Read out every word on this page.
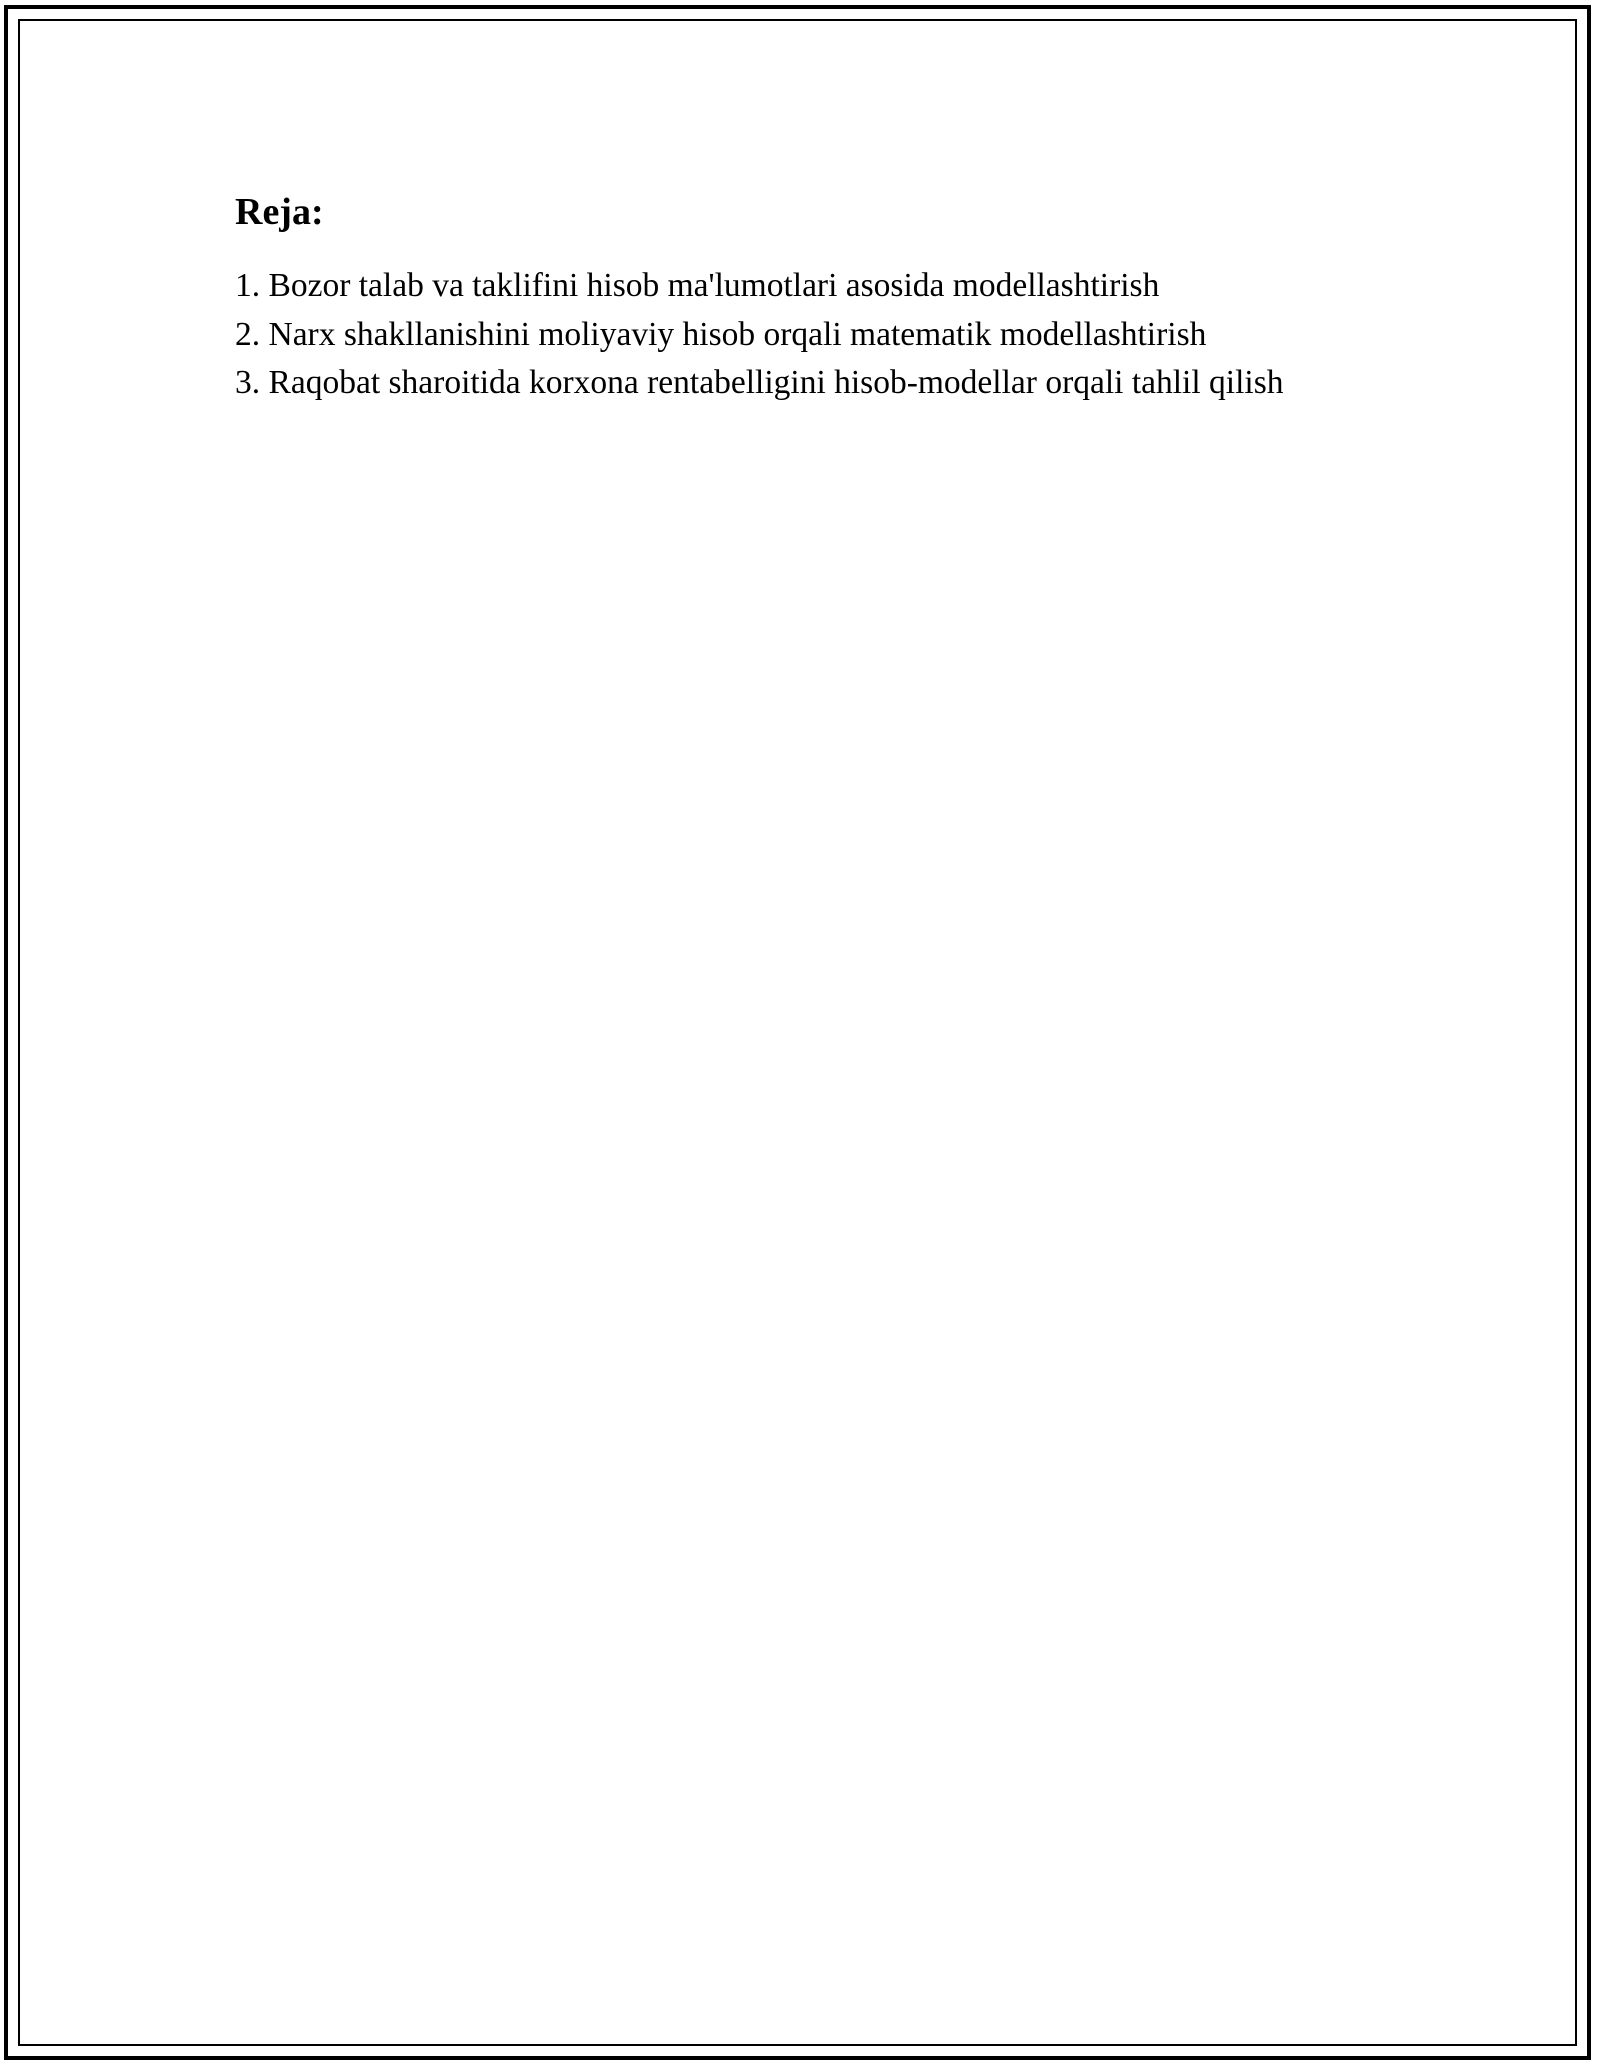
Reja:
1. Bozor talab va taklifini hisob ma'lumotlari asosida modellashtirish
2. Narx shakllanishini moliyaviy hisob orqali matematik modellashtirish
3. Raqobat sharoitida korxona rentabelligini hisob-modellar orqali tahlil qilish
